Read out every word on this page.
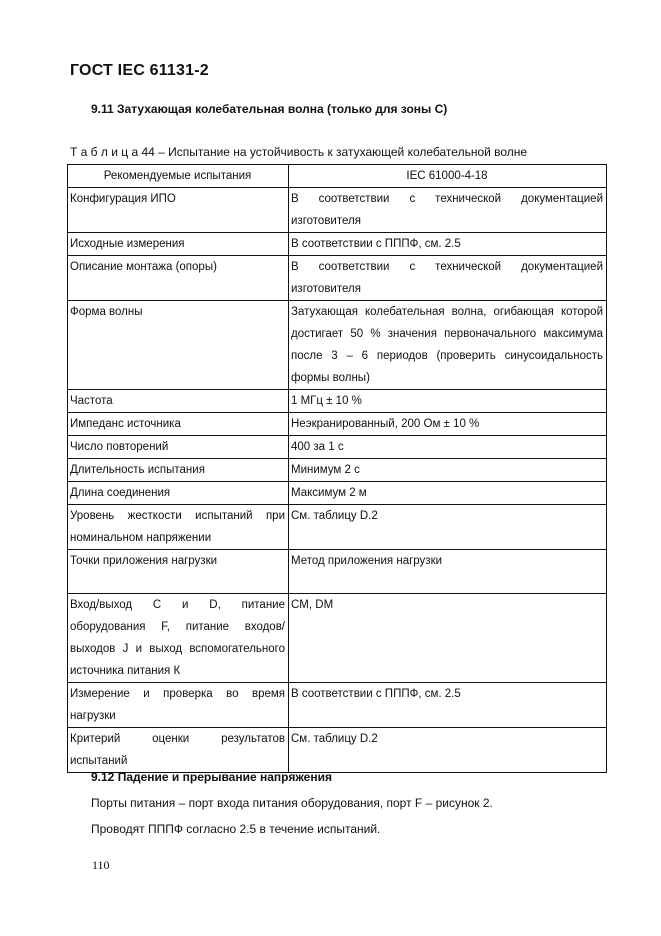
ГОСТ IEC 61131-2
9.11 Затухающая колебательная волна (только для зоны С)
Т а б л и ц а 44 – Испытание на устойчивость к затухающей колебательной волне
Рекомендуемые испытания	IEC 61000-4-18
Конфигурация ИПО	В соответствии с технической документацией изготовителя
Исходные измерения	В соответствии с ПППФ, см. 2.5
Описание монтажа (опоры)	В соответствии с технической документацией изготовителя
Форма волны	Затухающая колебательная волна, огибающая которой достигает 50 % значения первоначального максимума после 3 – 6 периодов (проверить синусоидальность формы волны)
Частота	1 МГц ± 10 %
Импеданс источника	Неэкранированный, 200 Ом ± 10 %
Число повторений	400 за 1 с
Длительность испытания	Минимум 2 с
Длина соединения	Максимум 2 м
Уровень жесткости испытаний при номинальном напряжении	См. таблицу D.2
Точки приложения нагрузки	Метод приложения нагрузки
Вход/выход С и D, питание оборудования F, питание входов/выходов J и выход вспомогательного источника питания К	CM, DM
Измерение и проверка во время нагрузки	В соответствии с ПППФ, см. 2.5
Критерий оценки результатов испытаний	См. таблицу D.2
9.12 Падение и прерывание напряжения
Порты питания – порт входа питания оборудования, порт F – рисунок 2.
Проводят ПППФ согласно 2.5 в течение испытаний.
110
